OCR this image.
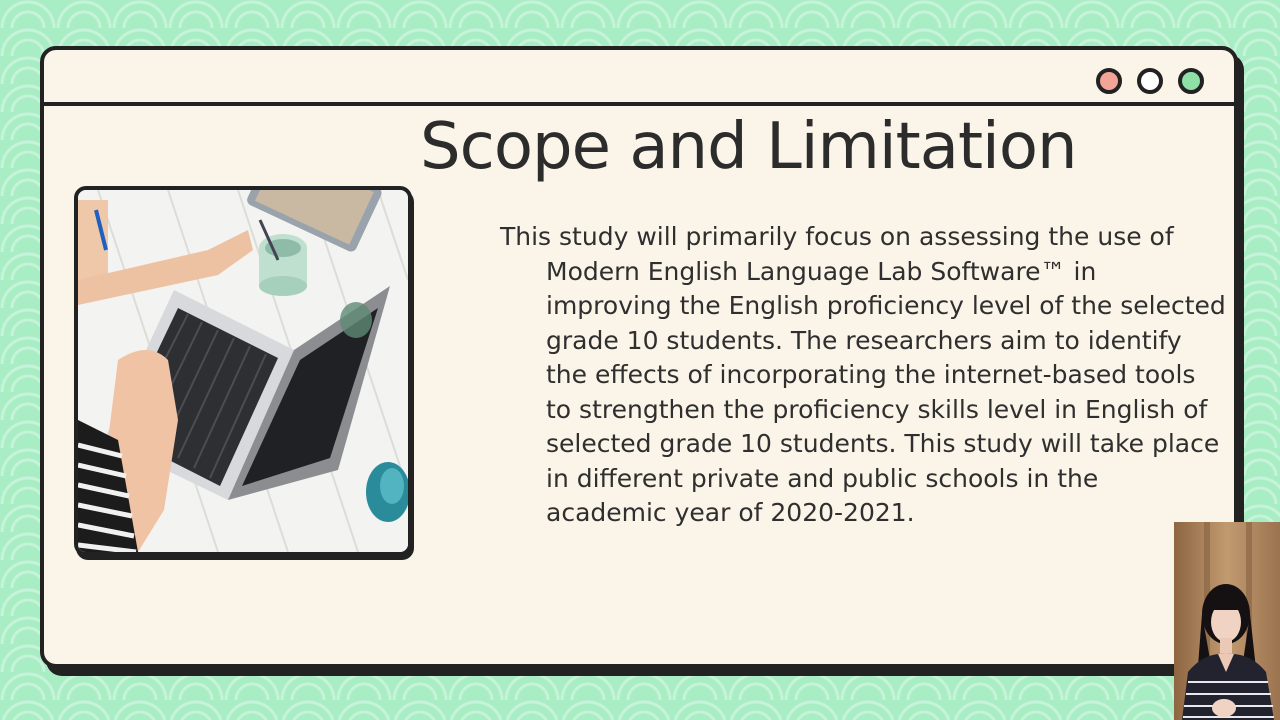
Scope and Limitation

This study will primarily focus on assessing the use of Modern English Language Lab Software™ in improving the English proficiency level of the selected grade 10 students. The researchers aim to identify the effects of incorporating the internet-based tools to strengthen the proficiency skills level in English of selected grade 10 students. This study will take place in different private and public schools in the academic year of 2020-2021.
